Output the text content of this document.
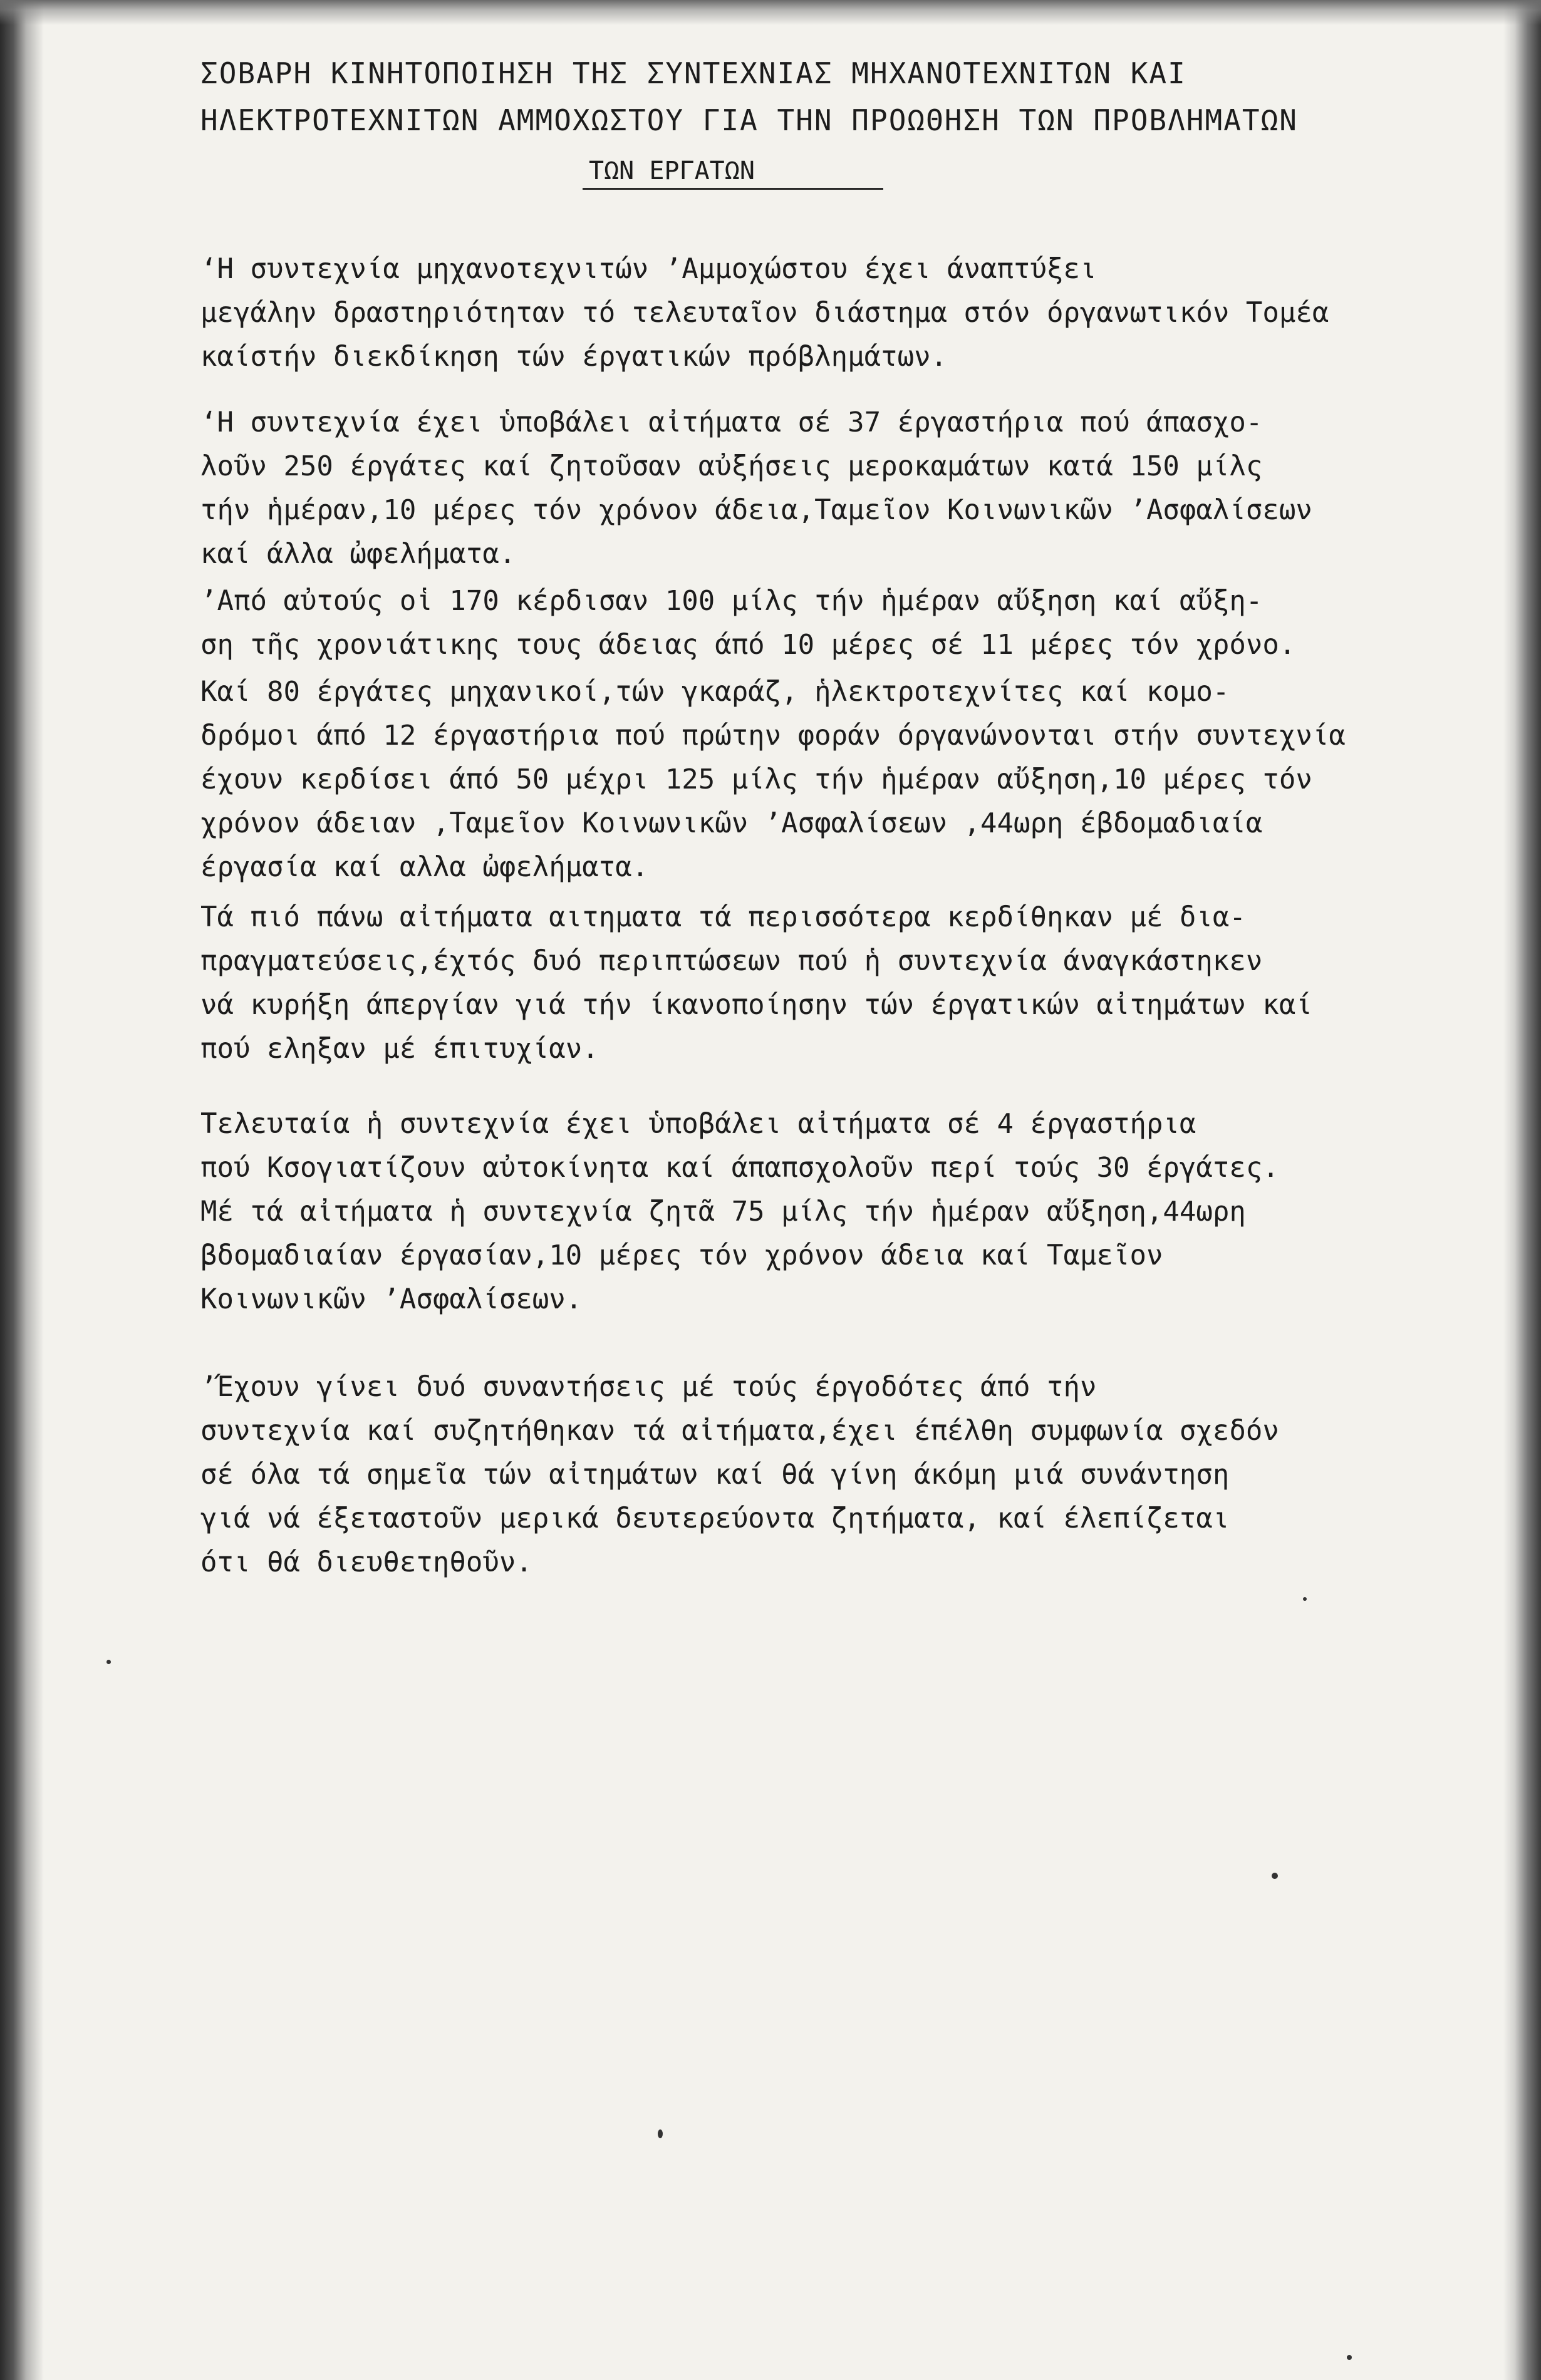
ΣΟΒΑΡΗ ΚΙΝΗΤΟΠΟΙΗΣΗ ΤΗΣ ΣΥΝΤΕΧΝΙΑΣ ΜΗΧΑΝΟΤΕΧΝΙΤΩΝ ΚΑΙ
ΗΛΕΚΤΡΟΤΕΧΝΙΤΩΝ ΑΜΜΟΧΩΣΤΟΥ ΓΙΑ ΤΗΝ ΠΡΟΩΘΗΣΗ ΤΩΝ ΠΡΟΒΛΗΜΑΤΩΝ
ΤΩΝ ΕΡΓΑΤΩΝ
ʻΗ συντεχνία μηχανοτεχνιτών ʼΑμμοχώστου έχει άναπτύξει
μεγάλην δραστηριότηταν τό τελευταῖον διάστημα στόν όργανωτικόν Τομέα
καίστήν διεκδίκηση τών έργατικών πρόβλημάτων.
ʻΗ συντεχνία έχει ὑποβάλει αἰτήματα σέ 37 έργαστήρια πού άπασχο-
λοῦν 250 έργάτες καί ζητοῦσαν αὐξήσεις μεροκαμάτων κατά 150 μίλς
τήν ἡμέραν,10 μέρες τόν χρόνον άδεια,Ταμεῖον Κοινωνικῶν ʼΑσφαλίσεων
καί άλλα ὠφελήματα.
ʼΑπό αὐτούς οἱ 170 κέρδισαν 100 μίλς τήν ἡμέραν αὔξηση καί αὔξη-
ση τῆς χρονιάτικης τους άδειας άπό 10 μέρες σέ 11 μέρες τόν χρόνο.
Καί 80 έργάτες μηχανικοί,τών γκαράζ, ἡλεκτροτεχνίτες καί κομο-
δρόμοι άπό 12 έργαστήρια πού πρώτην φοράν όργανώνονται στήν συντεχνία
έχουν κερδίσει άπό 50 μέχρι 125 μίλς τήν ἡμέραν αὔξηση,10 μέρες τόν
χρόνον άδειαν ,Ταμεῖον Κοινωνικῶν ʼΑσφαλίσεων ,44ωρη έβδομαδιαία
έργασία καί αλλα ὠφελήματα.
Τά πιό πάνω αἰτήματα αιτηματα τά περισσότερα κερδίθηκαν μέ δια-
πραγματεύσεις,έχτός δυό περιπτώσεων πού ἡ συντεχνία άναγκάστηκεν
νά κυρήξη άπεργίαν γιά τήν ίκανοποίησην τών έργατικών αἰτημάτων καί
πού εληξαν μέ έπιτυχίαν.
Τελευταία ἡ συντεχνία έχει ὑποβάλει αἰτήματα σέ 4 έργαστήρια
πού Κσογιατίζουν αὐτοκίνητα καί άπαπσχολοῦν περί τούς 30 έργάτες.
Μέ τά αἰτήματα ἡ συντεχνία ζητᾶ 75 μίλς τήν ἡμέραν αὔξηση,44ωρη
βδομαδιαίαν έργασίαν,10 μέρες τόν χρόνον άδεια καί Ταμεῖον
Κοινωνικῶν ʼΑσφαλίσεων.
ʼΈχουν γίνει δυό συναντήσεις μέ τούς έργοδότες άπό τήν
συντεχνία καί συζητήθηκαν τά αἰτήματα,έχει έπέλθη συμφωνία σχεδόν
σέ όλα τά σημεῖα τών αἰτημάτων καί θά γίνη άκόμη μιά συνάντηση
γιά νά έξεταστοῦν μερικά δευτερεύοντα ζητήματα, καί έλεπίζεται
ότι θά διευθετηθοῦν.
